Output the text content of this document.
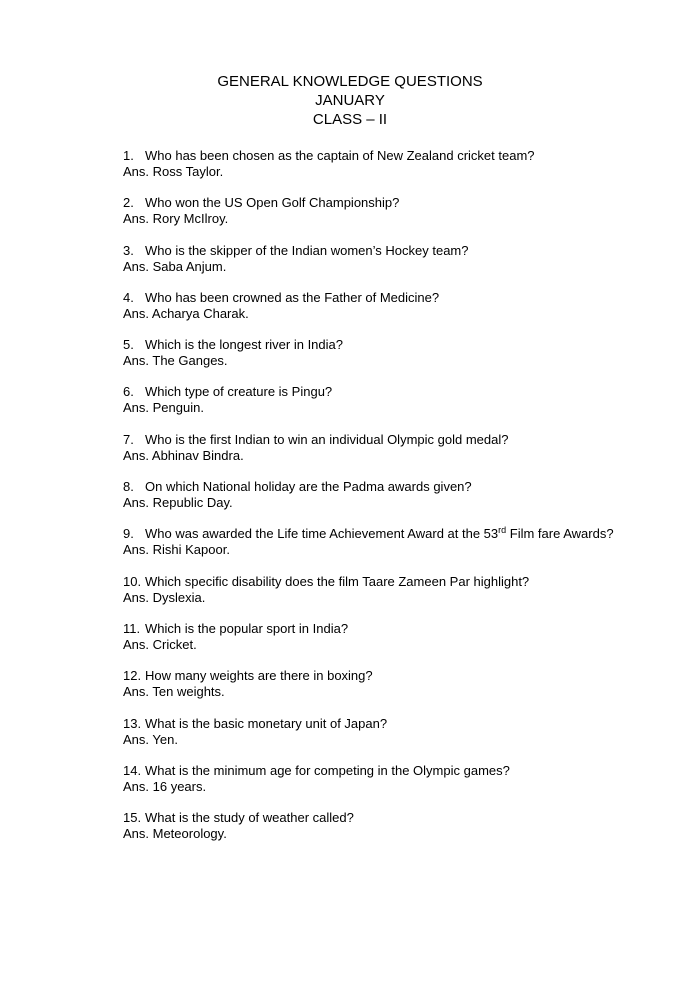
GENERAL KNOWLEDGE QUESTIONS
JANUARY
CLASS – II
1. Who has been chosen as the captain of New Zealand cricket team?
Ans. Ross Taylor.
2. Who won the US Open Golf Championship?
Ans. Rory McIlroy.
3. Who is the skipper of the Indian women’s Hockey team?
Ans. Saba Anjum.
4. Who has been crowned as the Father of Medicine?
Ans. Acharya Charak.
5. Which is the longest river in India?
Ans. The Ganges.
6. Which type of creature is Pingu?
Ans. Penguin.
7. Who is the first Indian to win an individual Olympic gold medal?
Ans. Abhinav Bindra.
8. On which National holiday are the Padma awards given?
Ans. Republic Day.
9. Who was awarded the Life time Achievement Award at the 53rd Film fare Awards?
Ans. Rishi Kapoor.
10. Which specific disability does the film Taare Zameen Par highlight?
Ans. Dyslexia.
11. Which is the popular sport in India?
Ans. Cricket.
12. How many weights are there in boxing?
Ans. Ten weights.
13. What is the basic monetary unit of Japan?
Ans. Yen.
14. What is the minimum age for competing in the Olympic games?
Ans. 16 years.
15. What is the study of weather called?
Ans. Meteorology.
